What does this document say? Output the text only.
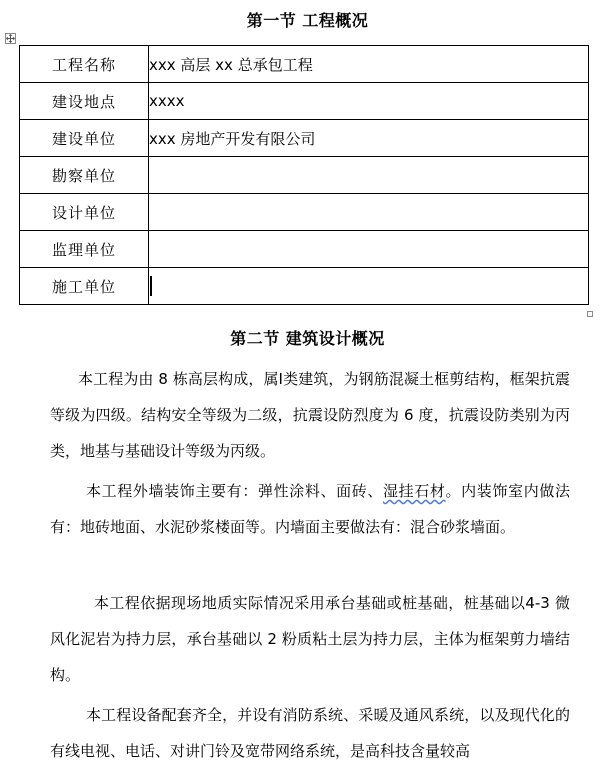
第一节 工程概况
工程名称	xxx 高层 xx 总承包工程
建设地点	xxxx
建设单位	xxx 房地产开发有限公司
勘察单位	
设计单位	
监理单位	
施工单位	
第二节 建筑设计概况
本工程为由 8 栋高层构成，属Ⅰ类建筑，为钢筋混凝土框剪结构，框架抗震等级为四级。结构安全等级为二级，抗震设防烈度为 6 度，抗震设防类别为丙类，地基与基础设计等级为丙级。
本工程外墙装饰主要有：弹性涂料、面砖、湿挂石材。内装饰室内做法有：地砖地面、水泥砂浆楼面等。内墙面主要做法有：混合砂浆墙面。
本工程依据现场地质实际情况采用承台基础或桩基础，桩基础以4-3 微风化泥岩为持力层，承台基础以 2 粉质粘土层为持力层，主体为框架剪力墙结构。
本工程设备配套齐全，并设有消防系统、采暖及通风系统，以及现代化的有线电视、电话、对讲门铃及宽带网络系统，是高科技含量较高
